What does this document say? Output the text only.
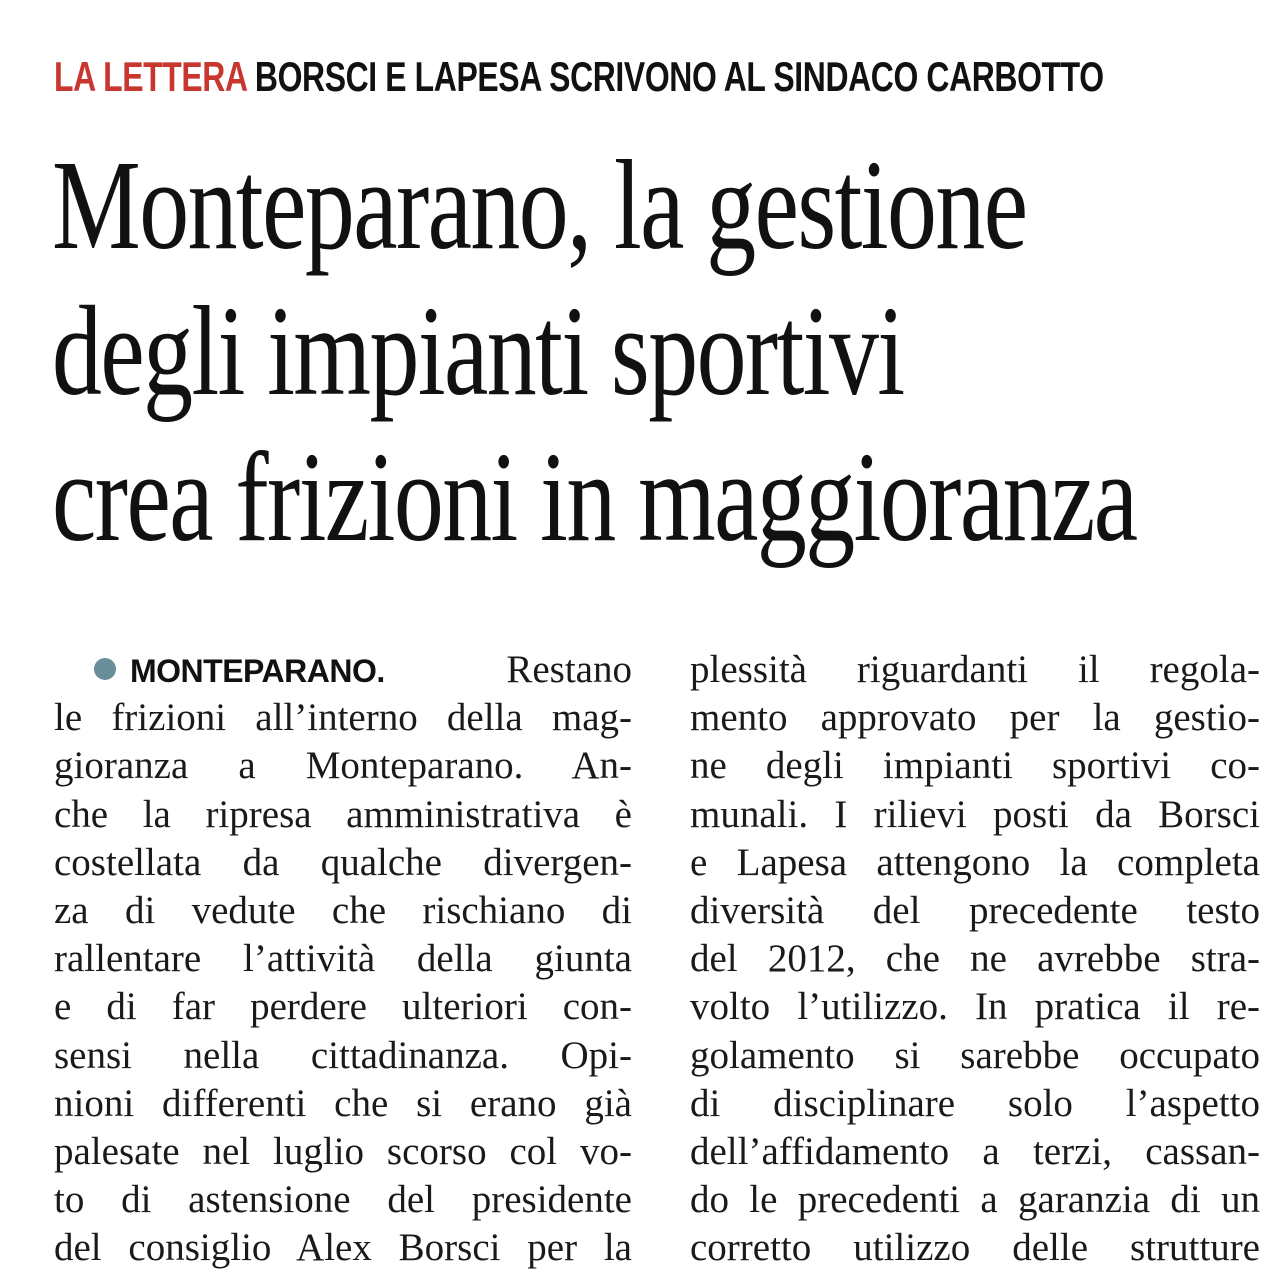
LA LETTERA BORSCI E LAPESA SCRIVONO AL SINDACO CARBOTTO
Monteparano, la gestione
degli impianti sportivi
crea frizioni in maggioranza
MONTEPARANO.	Restano
le frizioni all’interno della mag-
gioranza a Monteparano. An-
che la ripresa amministrativa è
costellata da qualche divergen-
za di vedute che rischiano di
rallentare l’attività della giunta
e di far perdere ulteriori con-
sensi nella cittadinanza. Opi-
nioni differenti che si erano già
palesate nel luglio scorso col vo-
to di astensione del presidente
del consiglio Alex Borsci per la
plessità riguardanti il regola-
mento approvato per la gestio-
ne degli impianti sportivi co-
munali. I rilievi posti da Borsci
e Lapesa attengono la completa
diversità del precedente testo
del 2012, che ne avrebbe stra-
volto l’utilizzo. In pratica il re-
golamento si sarebbe occupato
di disciplinare solo l’aspetto
dell’affidamento a terzi, cassan-
do le precedenti a garanzia di un
corretto utilizzo delle strutture
